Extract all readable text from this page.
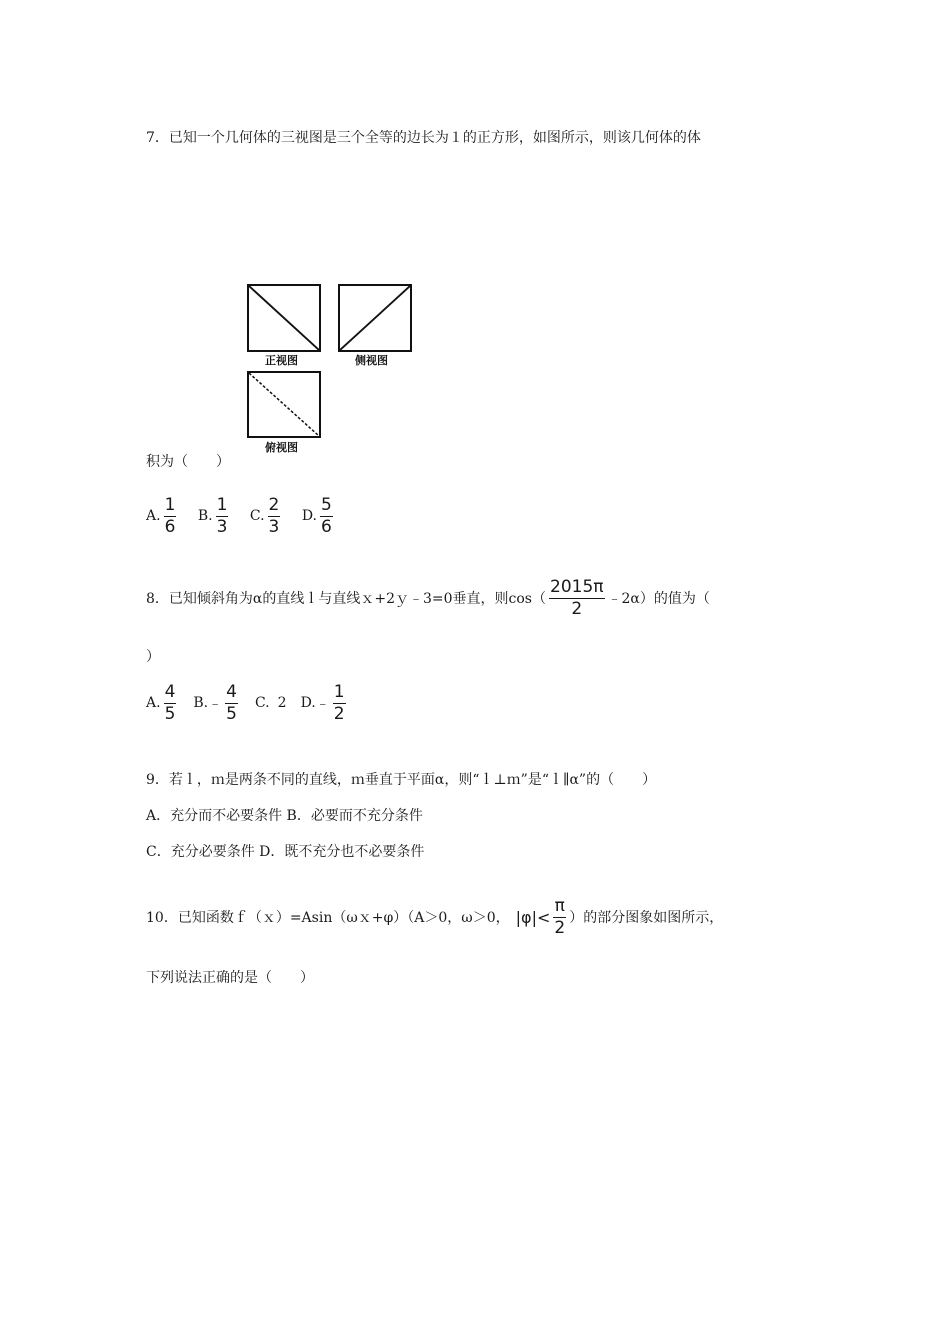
7．已知一个几何体的三视图是三个全等的边长为１的正方形，如图所示，则该几何体的体
正视图	侧视图
俯视图
积为（　　）
A. $\frac{1}{6}$
B. $\frac{1}{3}$
C. $\frac{2}{3}$
D. $\frac{5}{6}$
8．已知倾斜角为α的直线ｌ与直线ｘ+2ｙ﹣3=0垂直，则$\cos( \frac{2015\pi}{2}$ ﹣2α）的值为（
）
A. $\frac{4}{5} B$. ﹣ $\frac{4}{5} C$. 2 D. ﹣ $\frac{1}{2}$
9．若ｌ，ｍ是两条不同的直线，ｍ垂直于平面α，则“ｌ⊥ｍ”是“ｌ∥α”的（　　）
A．充分而不必要条件 B．必要而不充分条件
C．充分必要条件 D．既不充分也不必要条件
10．已知函数ｆ（ｘ）=Asin（ωｘ+φ）（A＞0，ω＞0， $|\varphi|< \frac{\pi}{2}$ ）的部分图象如图所示，
下列说法正确的是（　　）
